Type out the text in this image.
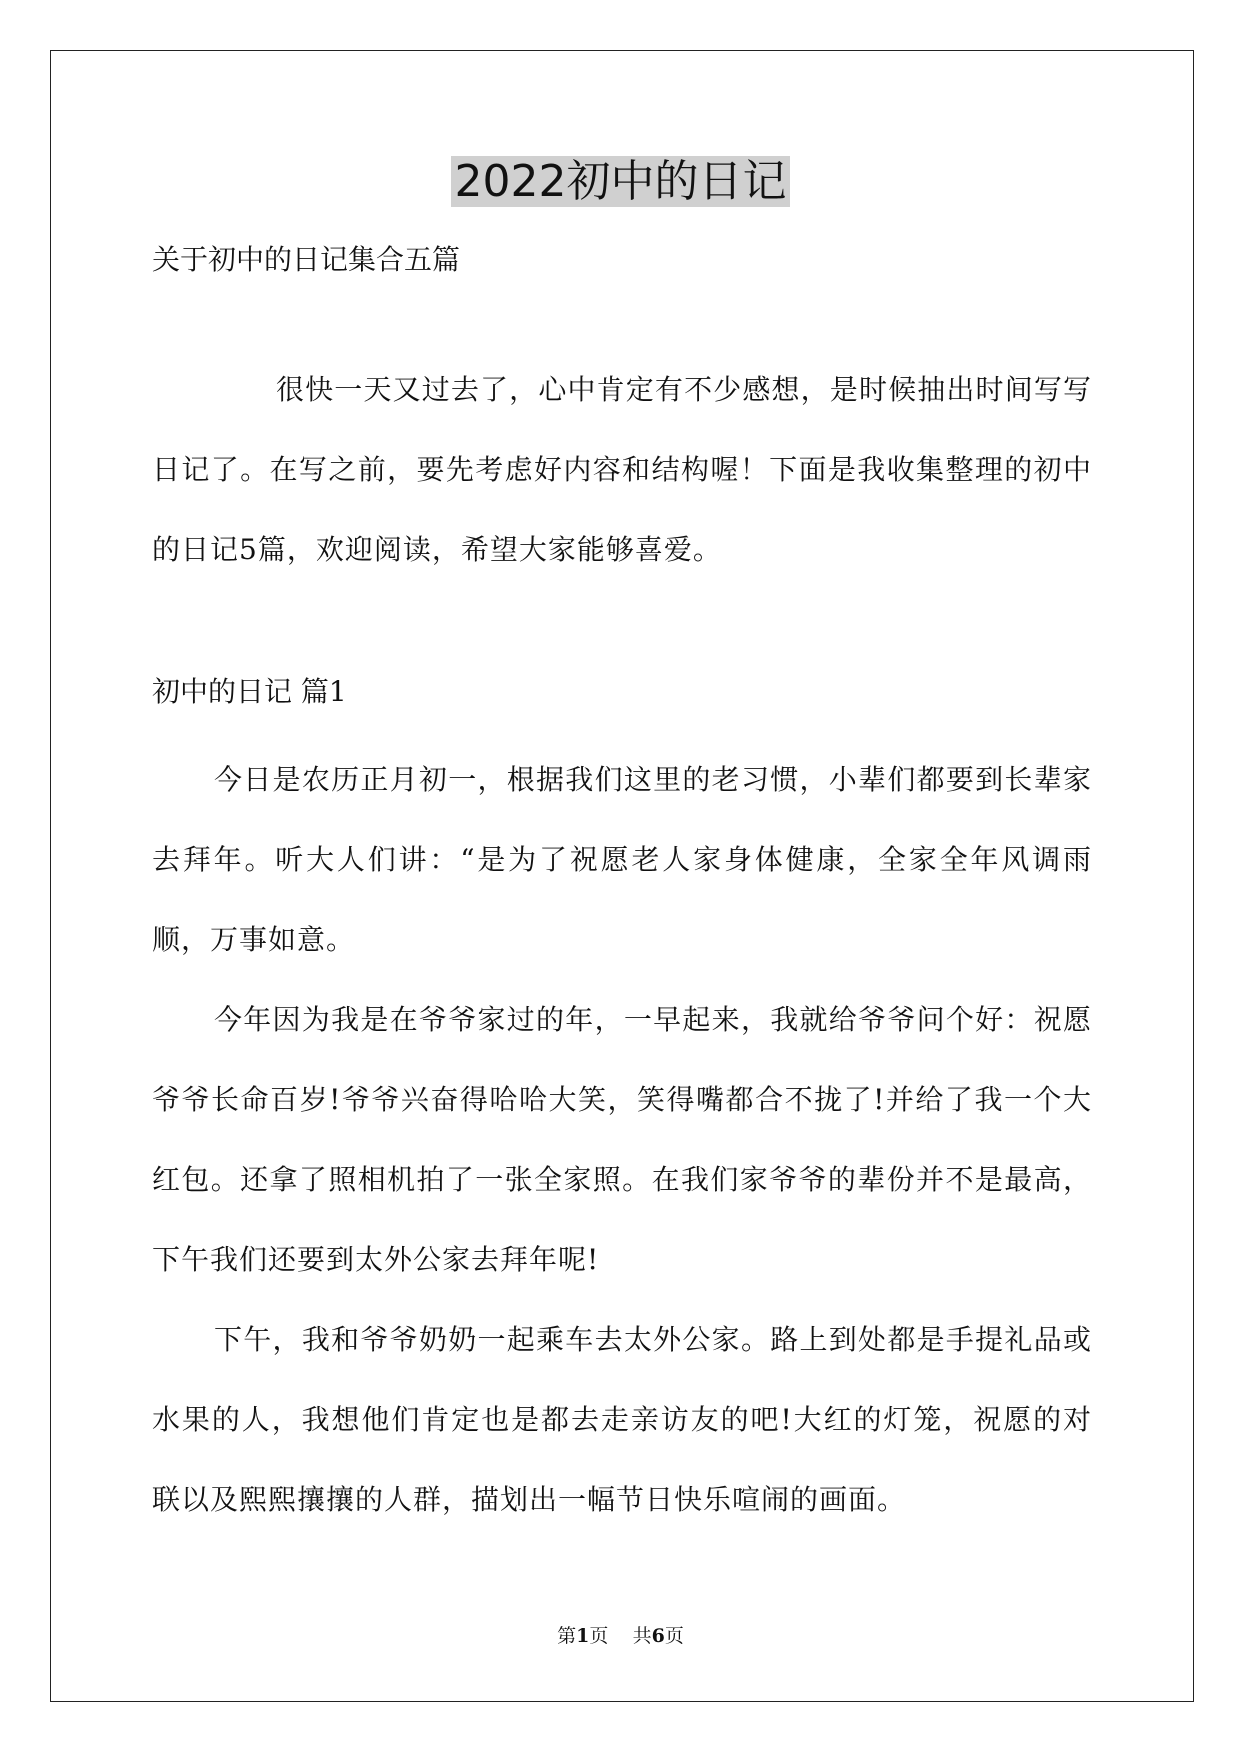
2022初中的日记
关于初中的日记集合五篇

很快一天又过去了，心中肯定有不少感想，是时候抽出时间写写日记了。在写之前，要先考虑好内容和结构喔！下面是我收集整理的初中的日记5篇，欢迎阅读，希望大家能够喜爱。

初中的日记 篇1

今日是农历正月初一，根据我们这里的老习惯，小辈们都要到长辈家去拜年。听大人们讲：“是为了祝愿老人家身体健康，全家全年风调雨顺，万事如意。

今年因为我是在爷爷家过的年，一早起来，我就给爷爷问个好：祝愿爷爷长命百岁!爷爷兴奋得哈哈大笑，笑得嘴都合不拢了!并给了我一个大红包。还拿了照相机拍了一张全家照。在我们家爷爷的辈份并不是最高，下午我们还要到太外公家去拜年呢!

下午，我和爷爷奶奶一起乘车去太外公家。路上到处都是手提礼品或水果的人，我想他们肯定也是都去走亲访友的吧!大红的灯笼，祝愿的对联以及熙熙攘攘的人群，描划出一幅节日快乐喧闹的画面。

第1页    共6页
